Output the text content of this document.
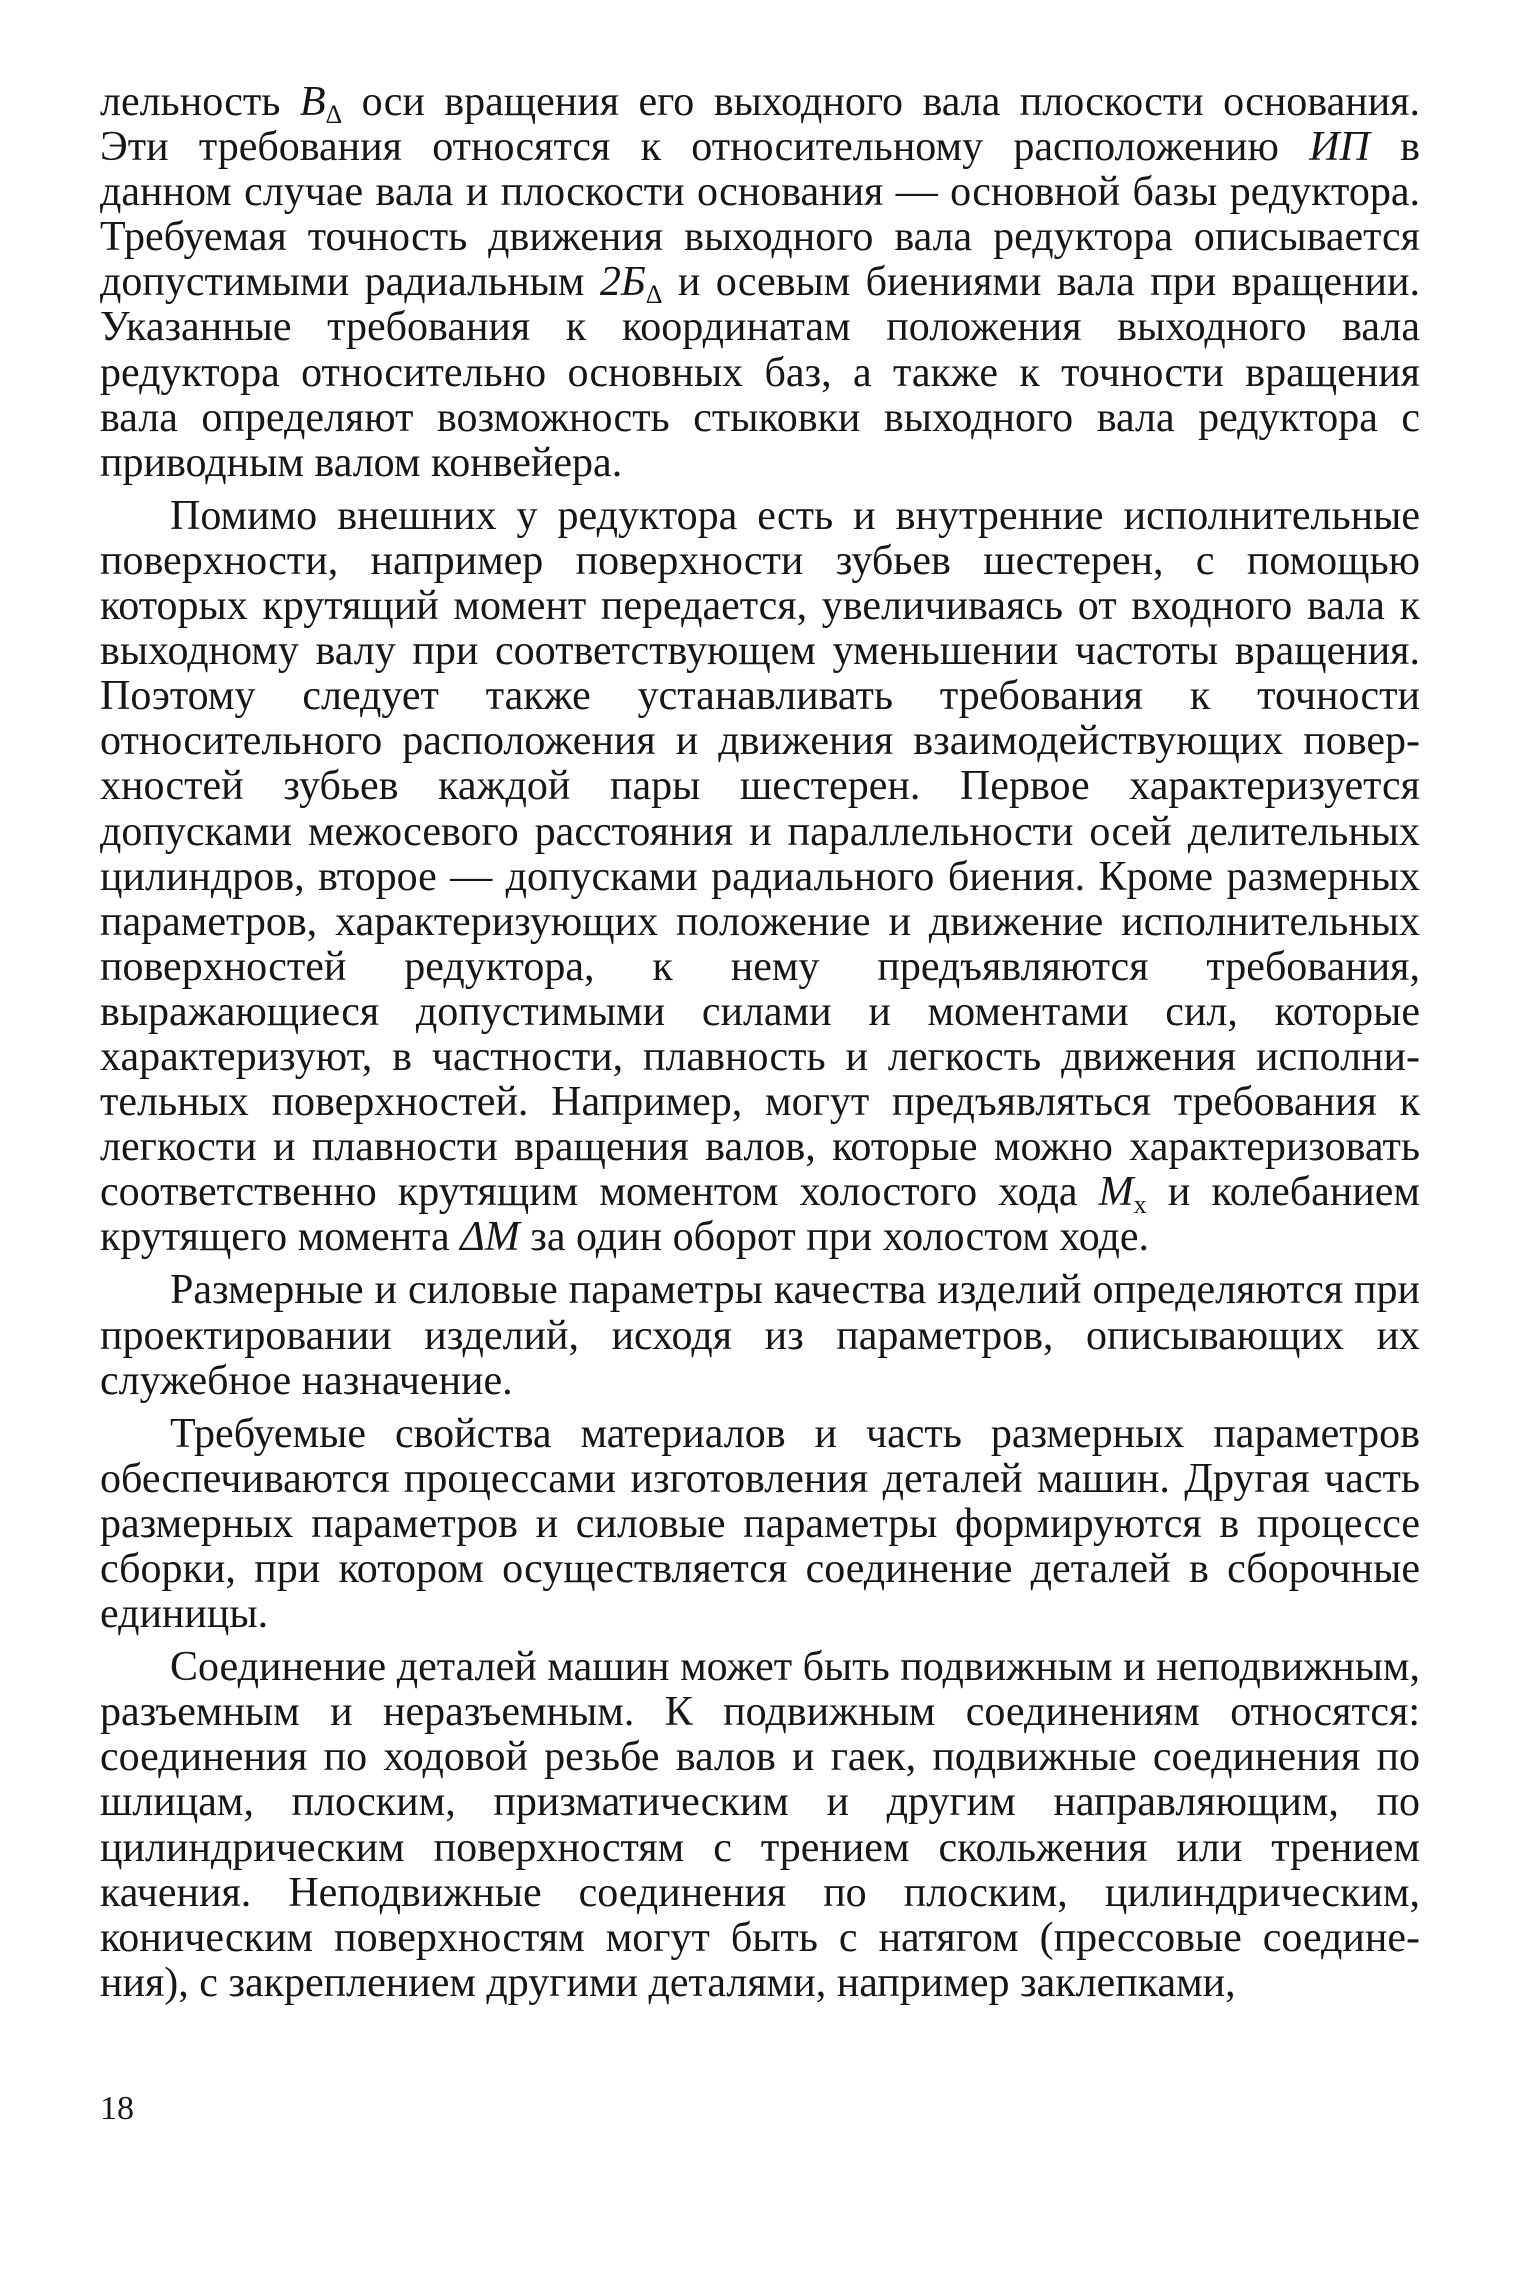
лельность $B_\Delta$ оси вращения его выходного вала плоскости основания. Эти требования относятся к относительному расположению ИП в данном случае вала и плоскости основания — основной базы редуктора. Требуемая точность движения выходного вала редуктора описывается допустимыми радиальным $2Б_\Delta$ и осевым биениями вала при вращении. Указанные требования к координатам положения выходного вала редуктора относительно основных баз, а также к точности вращения вала определяют возможность стыковки выходного вала редуктора с приводным валом конвейера.

Помимо внешних у редуктора есть и внутренние исполнительные поверхности, например поверхности зубьев шестерен, с помощью которых крутящий момент передается, увеличиваясь от входного вала к выходному валу при соответствующем уменьшении частоты вращения. Поэтому следует также устанавливать требования к точности относительного расположения и движения взаимодействующих поверхностей зубьев каждой пары шестерен. Первое характеризуется допусками межосевого расстояния и параллельности осей делительных цилиндров, второе — допусками радиального биения. Кроме размерных параметров, характеризующих положение и движение исполнительных поверхностей редуктора, к нему предъявляются требования, выражающиеся допустимыми силами и моментами сил, которые характеризуют, в частности, плавность и легкость движения исполнительных поверхностей. Например, могут предъявляться требования к легкости и плавности вращения валов, которые можно характеризовать соответственно крутящим моментом холостого хода $M_х$ и колебанием крутящего момента ΔM за один оборот при холостом ходе.

Размерные и силовые параметры качества изделий определяются при проектировании изделий, исходя из параметров, описывающих их служебное назначение.

Требуемые свойства материалов и часть размерных параметров обеспечиваются процессами изготовления деталей машин. Другая часть размерных параметров и силовые параметры формируются в процессе сборки, при котором осуществляется соединение деталей в сборочные единицы.

Соединение деталей машин может быть подвижным и неподвижным, разъемным и неразъемным. К подвижным соединениям относятся: соединения по ходовой резьбе валов и гаек, подвижные соединения по шлицам, плоским, призматическим и другим направляющим, по цилиндрическим поверхностям с трением скольжения или трением качения. Неподвижные соединения по плоским, цилиндрическим, коническим поверхностям могут быть с натягом (прессовые соединения), с закреплением другими деталями, например заклепками,

18
